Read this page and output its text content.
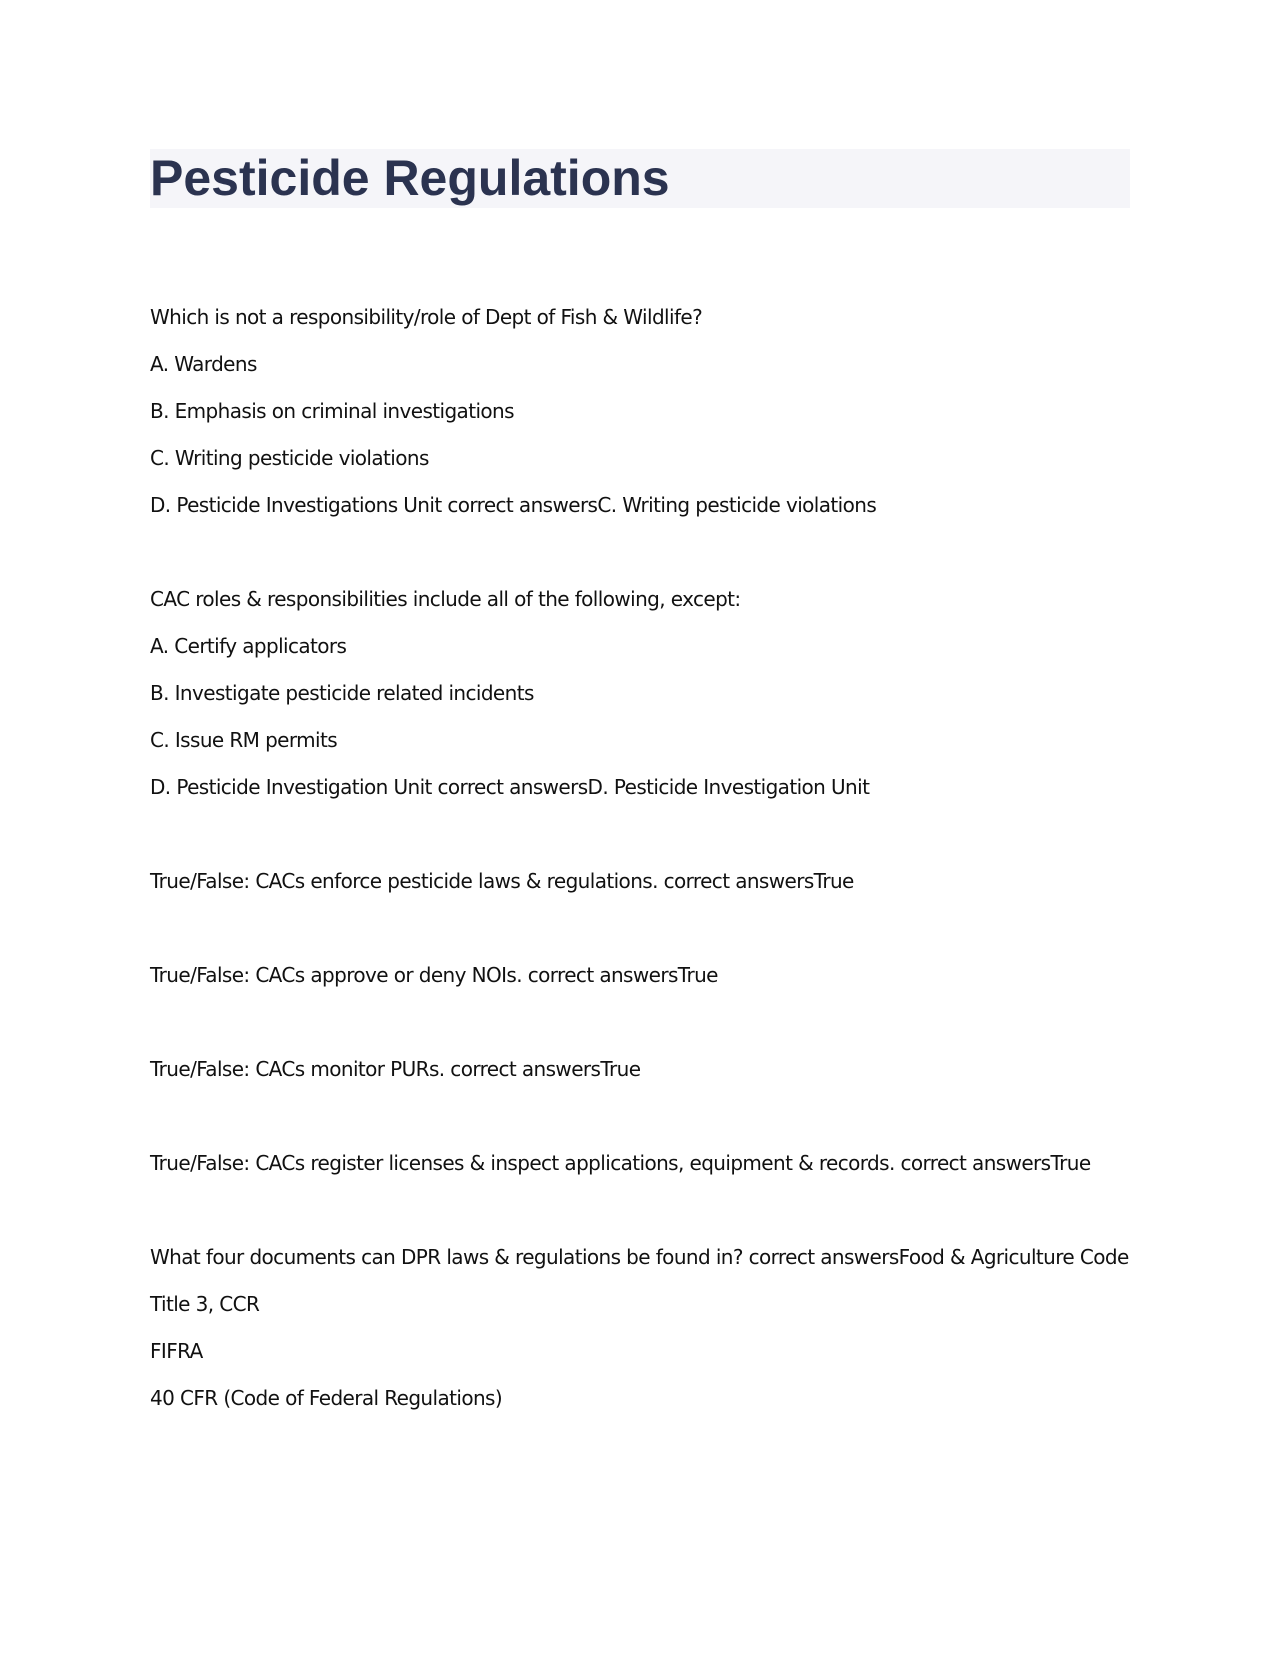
Pesticide Regulations

Which is not a responsibility/role of Dept of Fish & Wildlife?

A. Wardens

B. Emphasis on criminal investigations

C. Writing pesticide violations

D. Pesticide Investigations Unit correct answersC. Writing pesticide violations

CAC roles & responsibilities include all of the following, except:

A. Certify applicators

B. Investigate pesticide related incidents

C. Issue RM permits

D. Pesticide Investigation Unit correct answersD. Pesticide Investigation Unit

True/False: CACs enforce pesticide laws & regulations. correct answersTrue

True/False: CACs approve or deny NOIs. correct answersTrue

True/False: CACs monitor PURs. correct answersTrue

True/False: CACs register licenses & inspect applications, equipment & records. correct answersTrue

What four documents can DPR laws & regulations be found in? correct answersFood & Agriculture Code

Title 3, CCR

FIFRA

40 CFR (Code of Federal Regulations)
